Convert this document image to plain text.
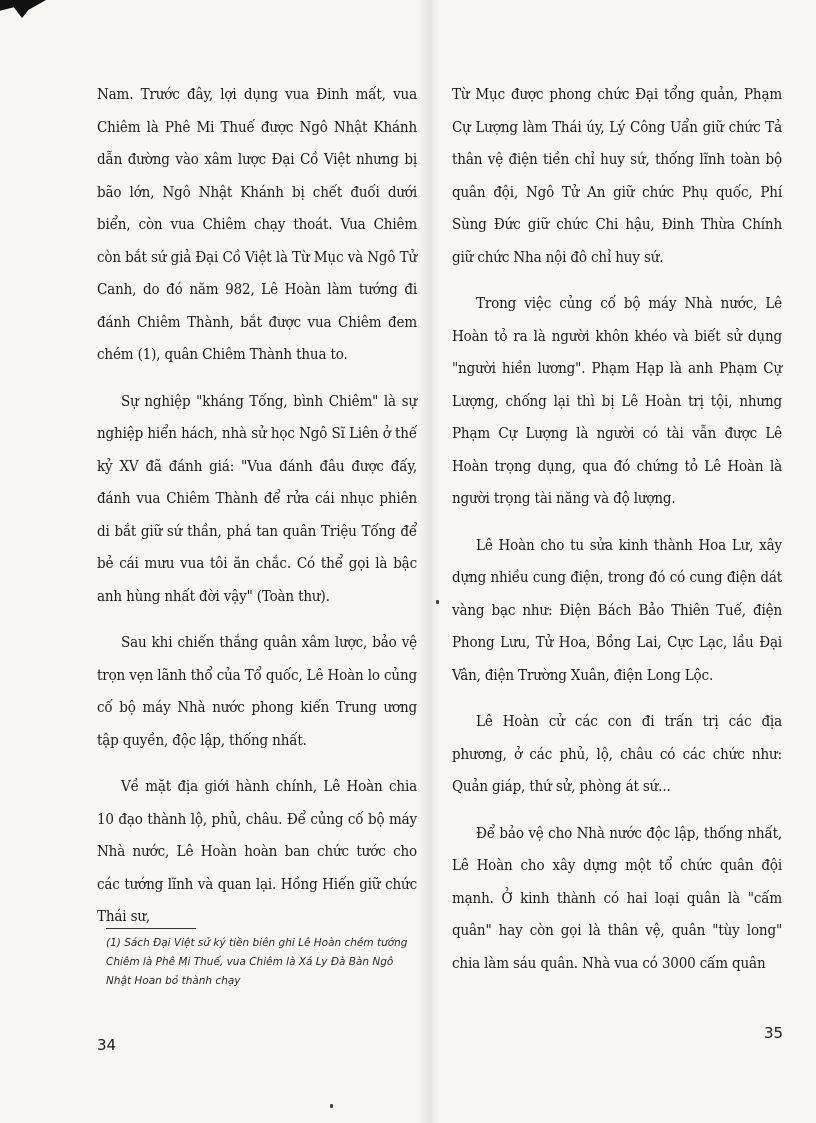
Nam. Trước đây, lợi dụng vua Đinh mất, vua Chiêm là Phê Mi Thuế được Ngô Nhật Khánh dẫn đường vào xâm lược Đại Cồ Việt nhưng bị bão lớn, Ngô Nhật Khánh bị chết đuối dưới biển, còn vua Chiêm chạy thoát. Vua Chiêm còn bắt sứ giả Đại Cồ Việt là Từ Mục và Ngô Tử Canh, do đó năm 982, Lê Hoàn làm tướng đi đánh Chiêm Thành, bắt được vua Chiêm đem chém (1), quân Chiêm Thành thua to.

Sự nghiệp "kháng Tống, bình Chiêm" là sự nghiệp hiển hách, nhà sử học Ngô Sĩ Liên ở thế kỷ XV đã đánh giá: "Vua đánh đâu được đấy, đánh vua Chiêm Thành để rửa cái nhục phiên di bắt giữ sứ thần, phá tan quân Triệu Tống để bẻ cái mưu vua tôi ăn chắc. Có thể gọi là bậc anh hùng nhất đời vậy" (Toàn thư).

Sau khi chiến thắng quân xâm lược, bảo vệ trọn vẹn lãnh thổ của Tổ quốc, Lê Hoàn lo củng cố bộ máy Nhà nước phong kiến Trung ương tập quyền, độc lập, thống nhất.

Về mặt địa giới hành chính, Lê Hoàn chia 10 đạo thành lộ, phủ, châu. Để củng cố bộ máy Nhà nước, Lê Hoàn hoàn ban chức tước cho các tướng lĩnh và quan lại. Hồng Hiến giữ chức Thái sư,

(1) Sách Đại Việt sử ký tiền biên ghi Lê Hoàn chém tướng Chiêm là Phê Mi Thuế, vua Chiêm là Xá Ly Đà Bàn Ngô Nhật Hoan bỏ thành chạy

34

Từ Mục được phong chức Đại tổng quản, Phạm Cự Lượng làm Thái úy, Lý Công Uẩn giữ chức Tả thân vệ điện tiền chỉ huy sứ, thống lĩnh toàn bộ quân đội, Ngô Tử An giữ chức Phụ quốc, Phí Sùng Đức giữ chức Chi hậu, Đinh Thừa Chính giữ chức Nha nội đô chỉ huy sứ.

Trong việc củng cố bộ máy Nhà nước, Lê Hoàn tỏ ra là người khôn khéo và biết sử dụng "người hiền lương". Phạm Hạp là anh Phạm Cự Lượng, chống lại thì bị Lê Hoàn trị tội, nhưng Phạm Cự Lượng là người có tài vẫn được Lê Hoàn trọng dụng, qua đó chứng tỏ Lê Hoàn là người trọng tài năng và độ lượng.

Lê Hoàn cho tu sửa kinh thành Hoa Lư, xây dựng nhiều cung điện, trong đó có cung điện dát vàng bạc như: Điện Bách Bảo Thiên Tuế, điện Phong Lưu, Tử Hoa, Bồng Lai, Cực Lạc, lầu Đại Vân, điện Trường Xuân, điện Long Lộc.

Lê Hoàn cử các con đi trấn trị các địa phương, ở các phủ, lộ, châu có các chức như: Quản giáp, thứ sử, phòng át sứ...

Để bảo vệ cho Nhà nước độc lập, thống nhất, Lê Hoàn cho xây dựng một tổ chức quân đội mạnh. Ở kinh thành có hai loại quân là "cấm quân" hay còn gọi là thân vệ, quân "tùy long" chia làm sáu quân. Nhà vua có 3000 cấm quân

35
